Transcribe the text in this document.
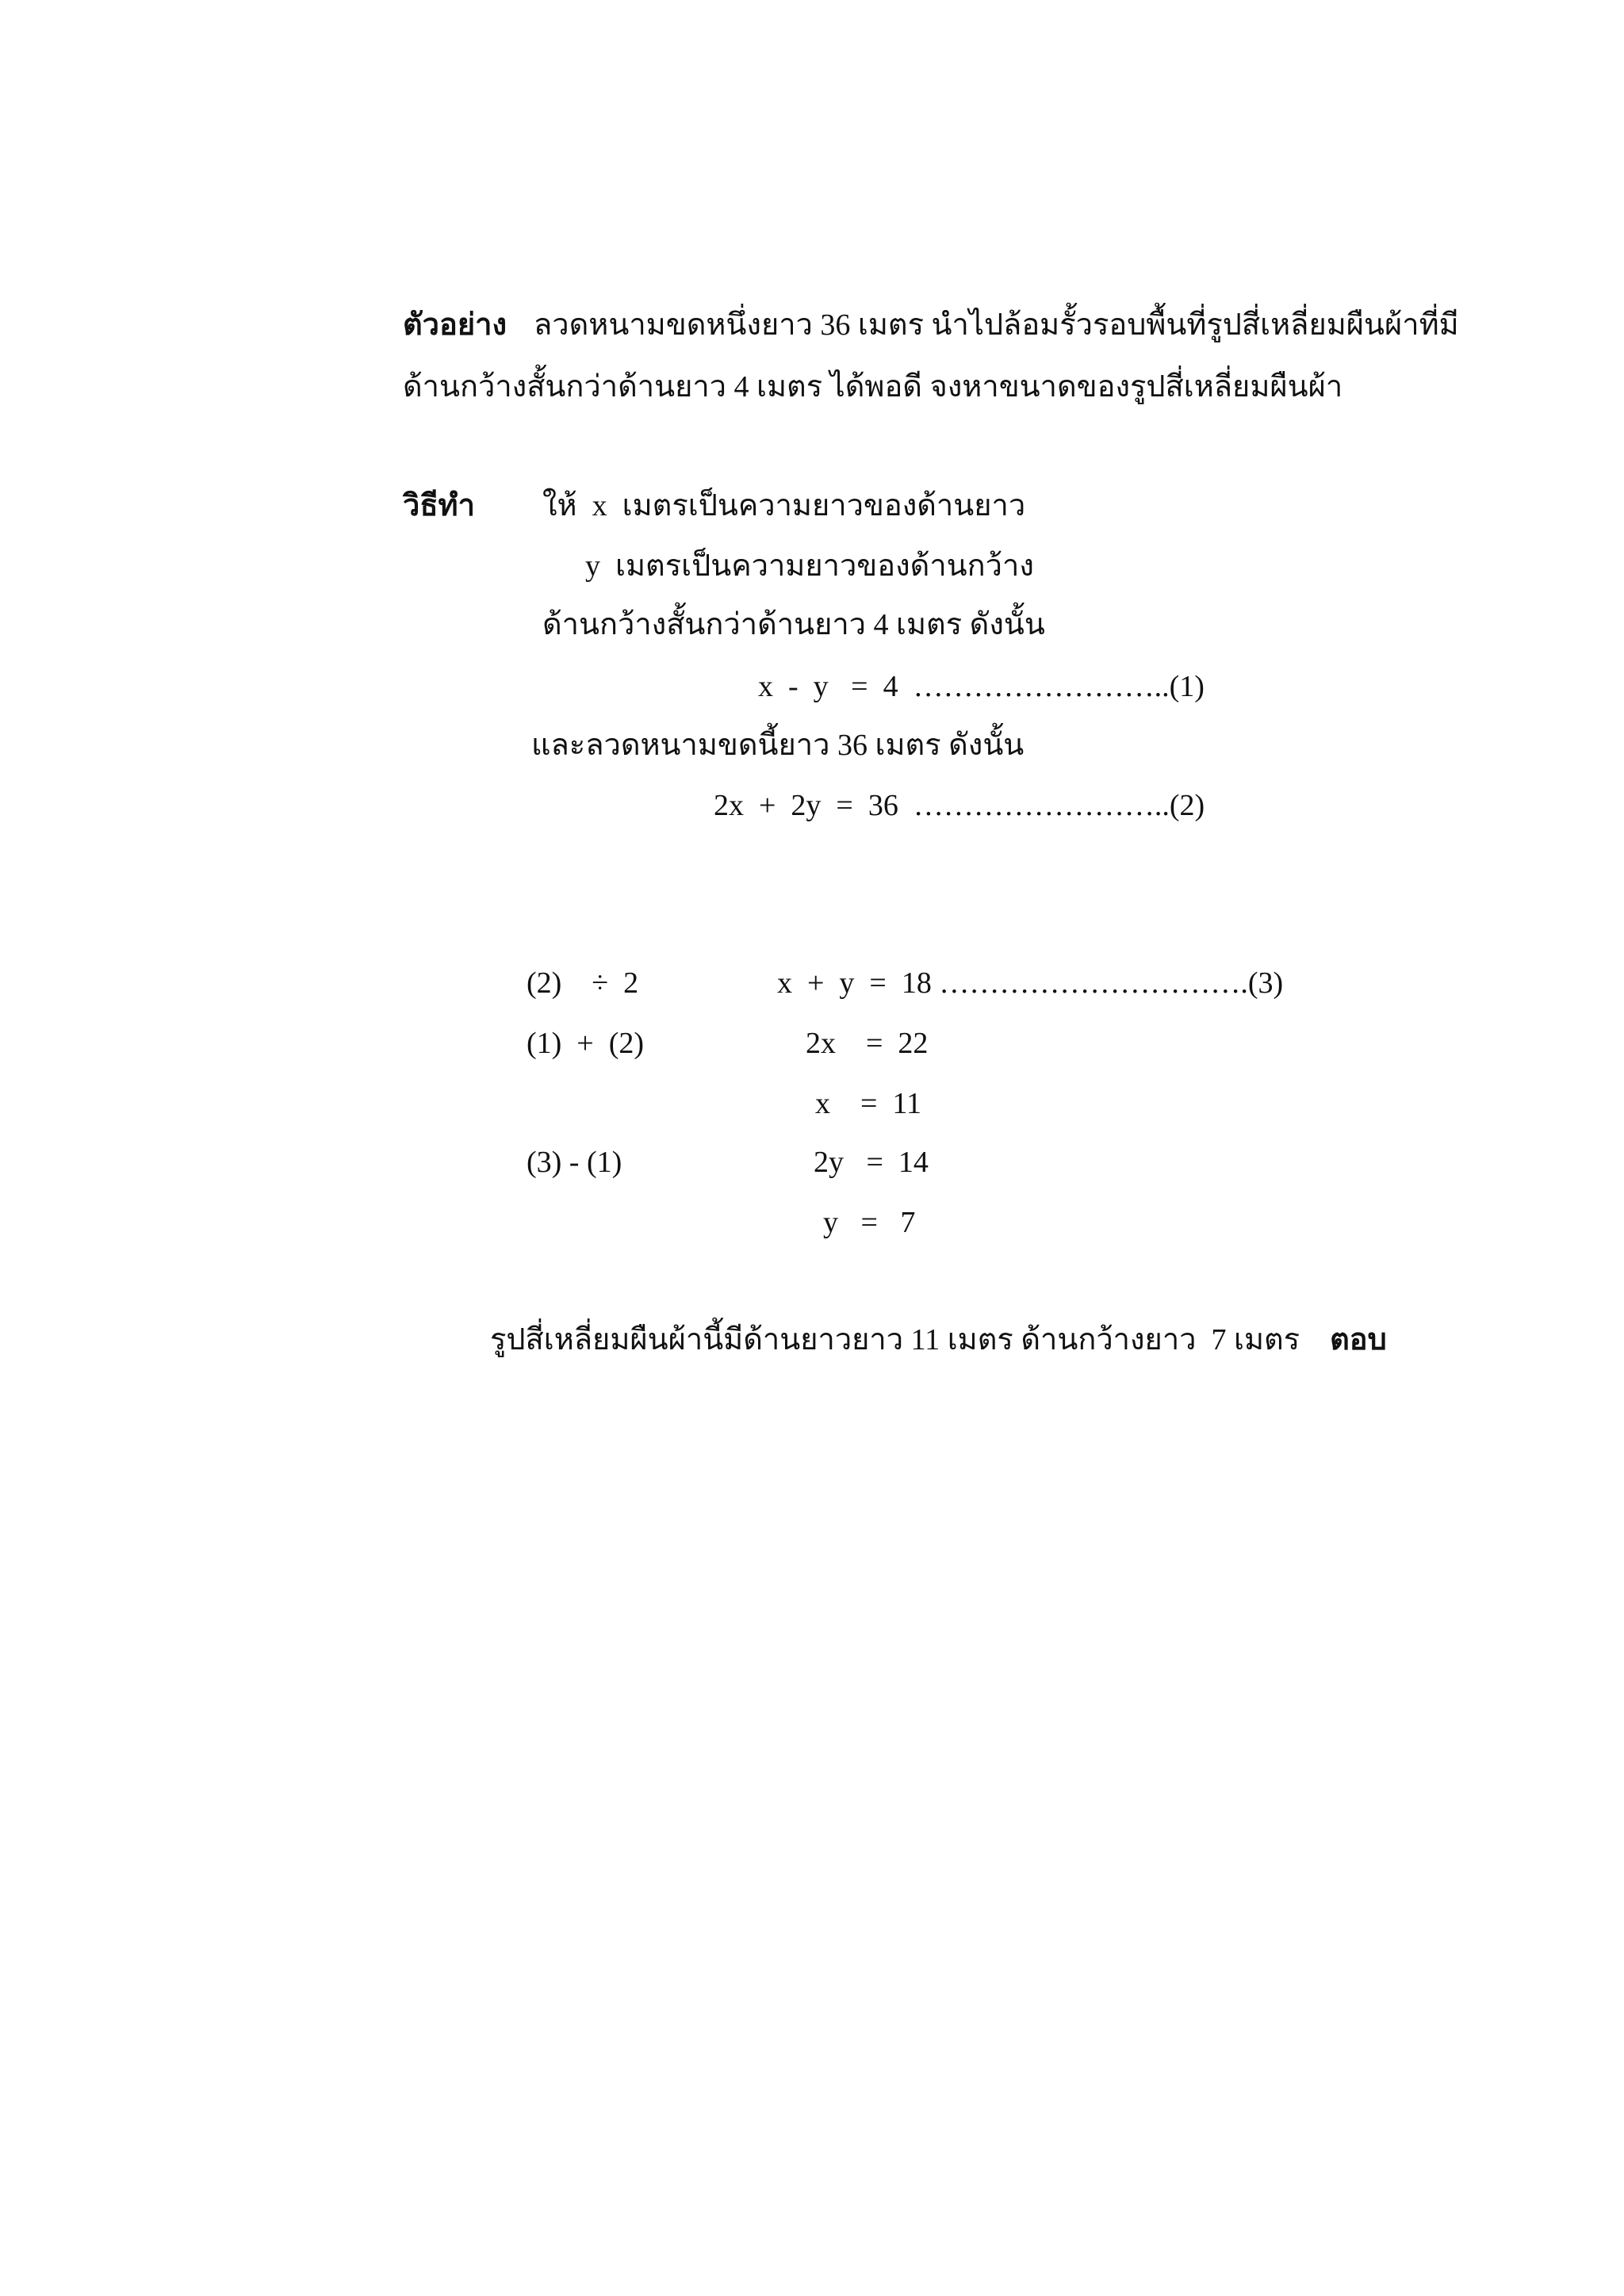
ตัวอย่าง ลวดหนามขดหนึ่งยาว 36 เมตร นำไปล้อมรั้วรอบพื้นที่รูปสี่เหลี่ยมผืนผ้าที่มี
ด้านกว้างสั้นกว่าด้านยาว 4 เมตร ได้พอดี จงหาขนาดของรูปสี่เหลี่ยมผืนผ้า
วิธีทำ ให้  x  เมตรเป็นความยาวของด้านยาว
y  เมตรเป็นความยาวของด้านกว้าง
ด้านกว้างสั้นกว่าด้านยาว 4 เมตร ดังนั้น
x  -  y   =  4  ……………………..(1)
และลวดหนามขดนี้ยาว 36 เมตร ดังนั้น
2x  +  2y  =  36  ……………………..(2)
(2)    ÷  2	x  +  y  =  18 ………………………….(3)
(1)  +  (2)	2x    =  22
x    =  11
(3) - (1)	2y   =  14
y   =   7
รูปสี่เหลี่ยมผืนผ้านี้มีด้านยาวยาว 11 เมตร ด้านกว้างยาว  7 เมตร ตอบ
